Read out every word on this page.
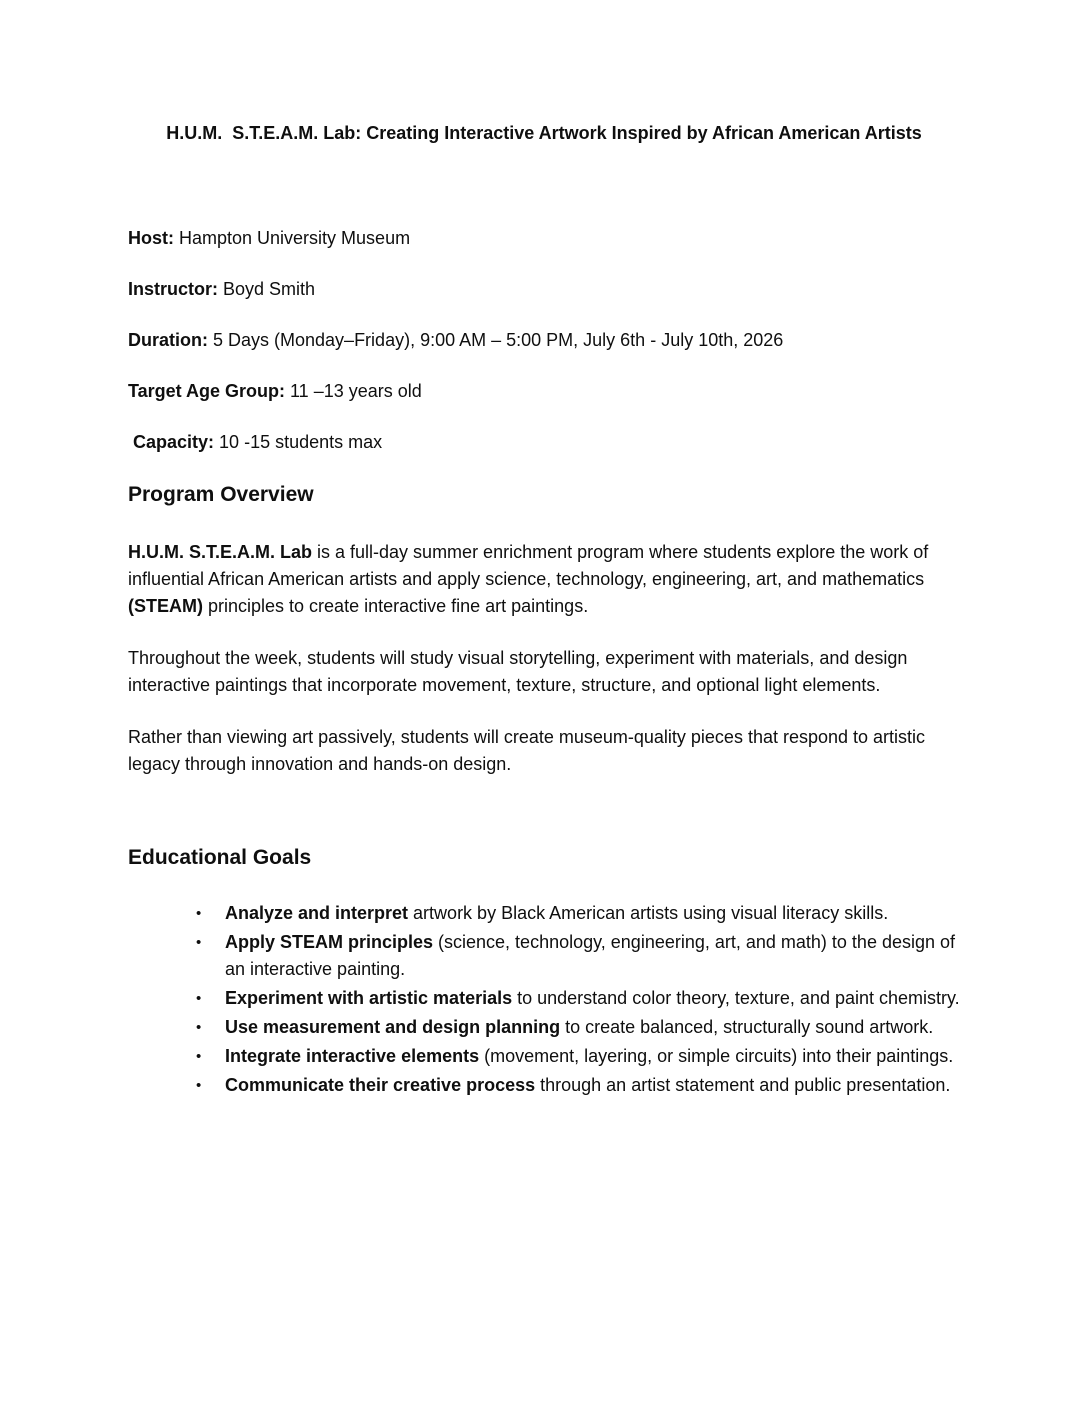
H.U.M.  S.T.E.A.M. Lab: Creating Interactive Artwork Inspired by African American Artists

Host: Hampton University Museum

Instructor: Boyd Smith

Duration: 5 Days (Monday–Friday), 9:00 AM – 5:00 PM, July 6th - July 10th, 2026

Target Age Group: 11 –13 years old

Capacity: 10 -15 students max

Program Overview

H.U.M. S.T.E.A.M. Lab is a full-day summer enrichment program where students explore the work of influential African American artists and apply science, technology, engineering, art, and mathematics (STEAM) principles to create interactive fine art paintings.

Throughout the week, students will study visual storytelling, experiment with materials, and design interactive paintings that incorporate movement, texture, structure, and optional light elements.

Rather than viewing art passively, students will create museum-quality pieces that respond to artistic legacy through innovation and hands-on design.

Educational Goals
•	Analyze and interpret artwork by Black American artists using visual literacy skills.
•	Apply STEAM principles (science, technology, engineering, art, and math) to the design of an interactive painting.
•	Experiment with artistic materials to understand color theory, texture, and paint chemistry.
•	Use measurement and design planning to create balanced, structurally sound artwork.
•	Integrate interactive elements (movement, layering, or simple circuits) into their paintings.
•	Communicate their creative process through an artist statement and public presentation.
